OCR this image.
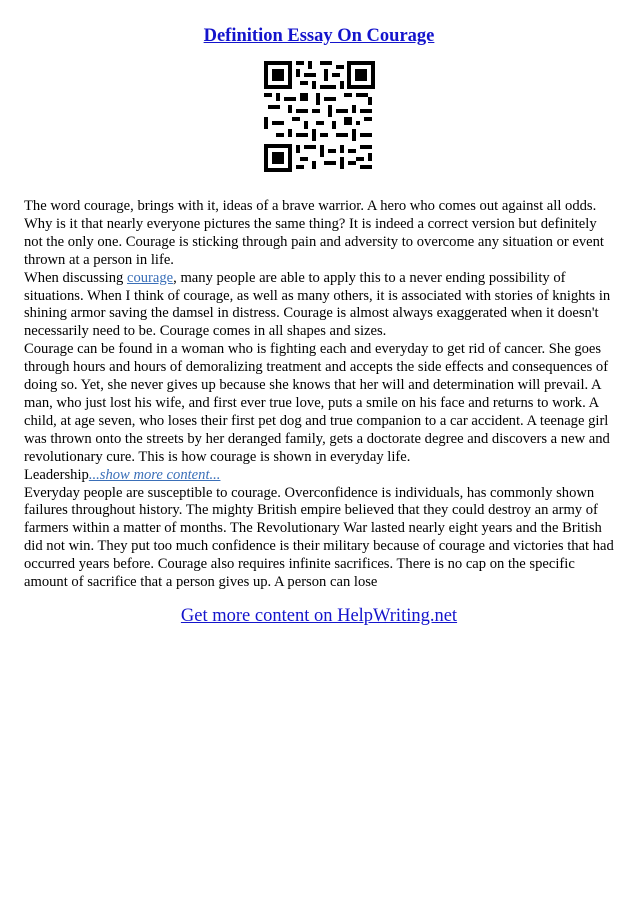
Definition Essay On Courage

The word courage, brings with it, ideas of a brave warrior. A hero who comes out against all odds. Why is it that nearly everyone pictures the same thing? It is indeed a correct version but definitely not the only one. Courage is sticking through pain and adversity to overcome any situation or event thrown at a person in life.

When discussing courage, many people are able to apply this to a never ending possibility of situations. When I think of courage, as well as many others, it is associated with stories of knights in shining armor saving the damsel in distress. Courage is almost always exaggerated when it doesn't necessarily need to be. Courage comes in all shapes and sizes.

Courage can be found in a woman who is fighting each and everyday to get rid of cancer. She goes through hours and hours of demoralizing treatment and accepts the side effects and consequences of doing so. Yet, she never gives up because she knows that her will and determination will prevail. A man, who just lost his wife, and first ever true love, puts a smile on his face and returns to work. A child, at age seven, who loses their first pet dog and true companion to a car accident. A teenage girl was thrown onto the streets by her deranged family, gets a doctorate degree and discovers a new and revolutionary cure. This is how courage is shown in everyday life.

Leadership...show more content...

Everyday people are susceptible to courage. Overconfidence is individuals, has commonly shown failures throughout history. The mighty British empire believed that they could destroy an army of farmers within a matter of months. The Revolutionary War lasted nearly eight years and the British did not win. They put too much confidence is their military because of courage and victories that had occurred years before. Courage also requires infinite sacrifices. There is no cap on the specific amount of sacrifice that a person gives up. A person can lose

Get more content on HelpWriting.net
